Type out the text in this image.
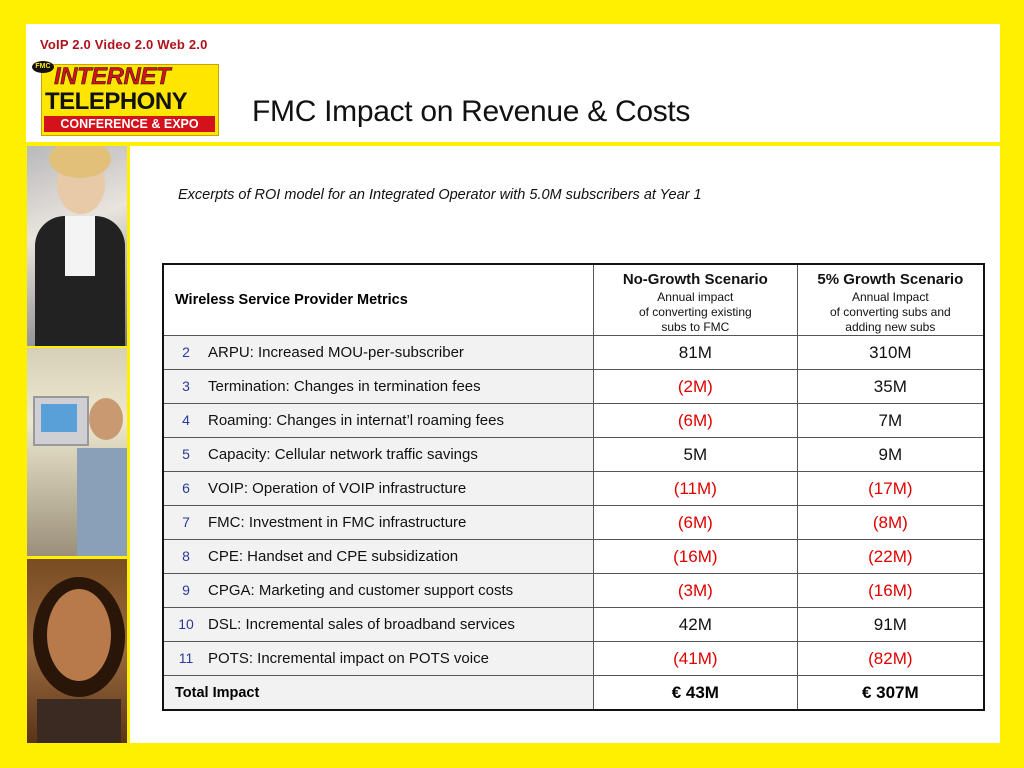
VoIP 2.0 Video 2.0 Web 2.0
FMC INTERNET
TELEPHONY
CONFERENCE & EXPO	FMC Impact on Revenue & Costs
Excerpts of ROI model for an Integrated Operator with 5.0M subscribers at Year 1
Wireless Service Provider Metrics	No-Growth Scenario
Annual impact
of converting existing
subs to FMC	5% Growth Scenario
Annual Impact
of converting subs and
adding new subs

2 ARPU: Increased MOU-per-subscriber	81M	310M
3 Termination: Changes in termination fees	(2M)	35M
4 Roaming: Changes in internat’l roaming fees	(6M)	7M
5 Capacity: Cellular network traffic savings	5M	9M
6 VOIP: Operation of VOIP infrastructure	(11M)	(17M)
7 FMC: Investment in FMC infrastructure	(6M)	(8M)
8 CPE: Handset and CPE subsidization	(16M)	(22M)
9 CPGA: Marketing and customer support costs	(3M)	(16M)
10 DSL: Incremental sales of broadband services	42M	91M
11 POTS: Incremental impact on POTS voice	(41M)	(82M)
Total Impact	€ 43M	€ 307M
